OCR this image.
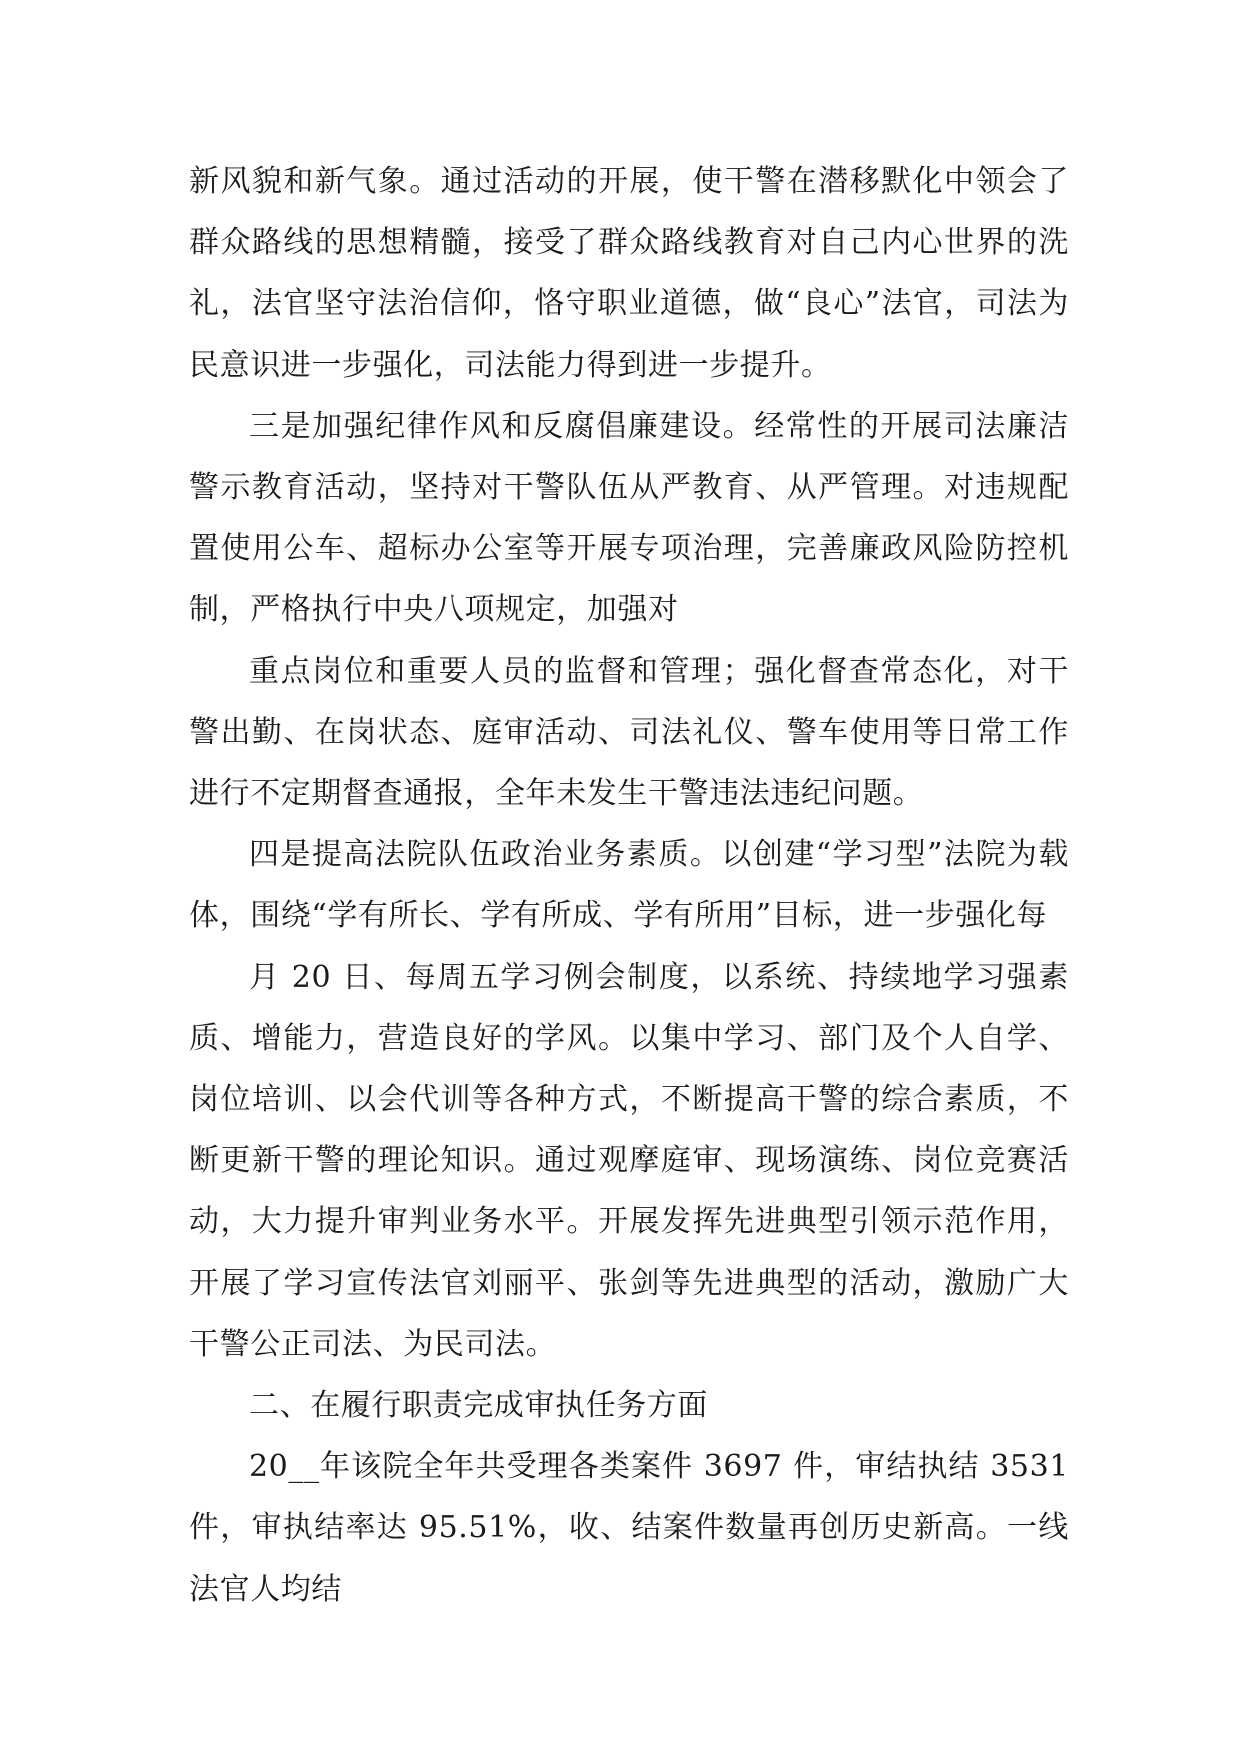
新风貌和新气象。通过活动的开展，使干警在潜移默化中领会了群众路线的思想精髓，接受了群众路线教育对自己内心世界的洗礼，法官坚守法治信仰，恪守职业道德，做“良心”法官，司法为民意识进一步强化，司法能力得到进一步提升。

三是加强纪律作风和反腐倡廉建设。经常性的开展司法廉洁警示教育活动，坚持对干警队伍从严教育、从严管理。对违规配置使用公车、超标办公室等开展专项治理，完善廉政风险防控机制，严格执行中央八项规定，加强对

重点岗位和重要人员的监督和管理；强化督查常态化，对干警出勤、在岗状态、庭审活动、司法礼仪、警车使用等日常工作进行不定期督查通报，全年未发生干警违法违纪问题。

四是提高法院队伍政治业务素质。以创建“学习型”法院为载体，围绕“学有所长、学有所成、学有所用”目标，进一步强化每

月 20 日、每周五学习例会制度，以系统、持续地学习强素质、增能力，营造良好的学风。以集中学习、部门及个人自学、岗位培训、以会代训等各种方式，不断提高干警的综合素质，不断更新干警的理论知识。通过观摩庭审、现场演练、岗位竞赛活动，大力提升审判业务水平。开展发挥先进典型引领示范作用，开展了学习宣传法官刘丽平、张剑等先进典型的活动，激励广大干警公正司法、为民司法。

二、在履行职责完成审执任务方面

20__年该院全年共受理各类案件 3697 件，审结执结 3531 件，审执结率达 95.51%，收、结案件数量再创历史新高。一线法官人均结
